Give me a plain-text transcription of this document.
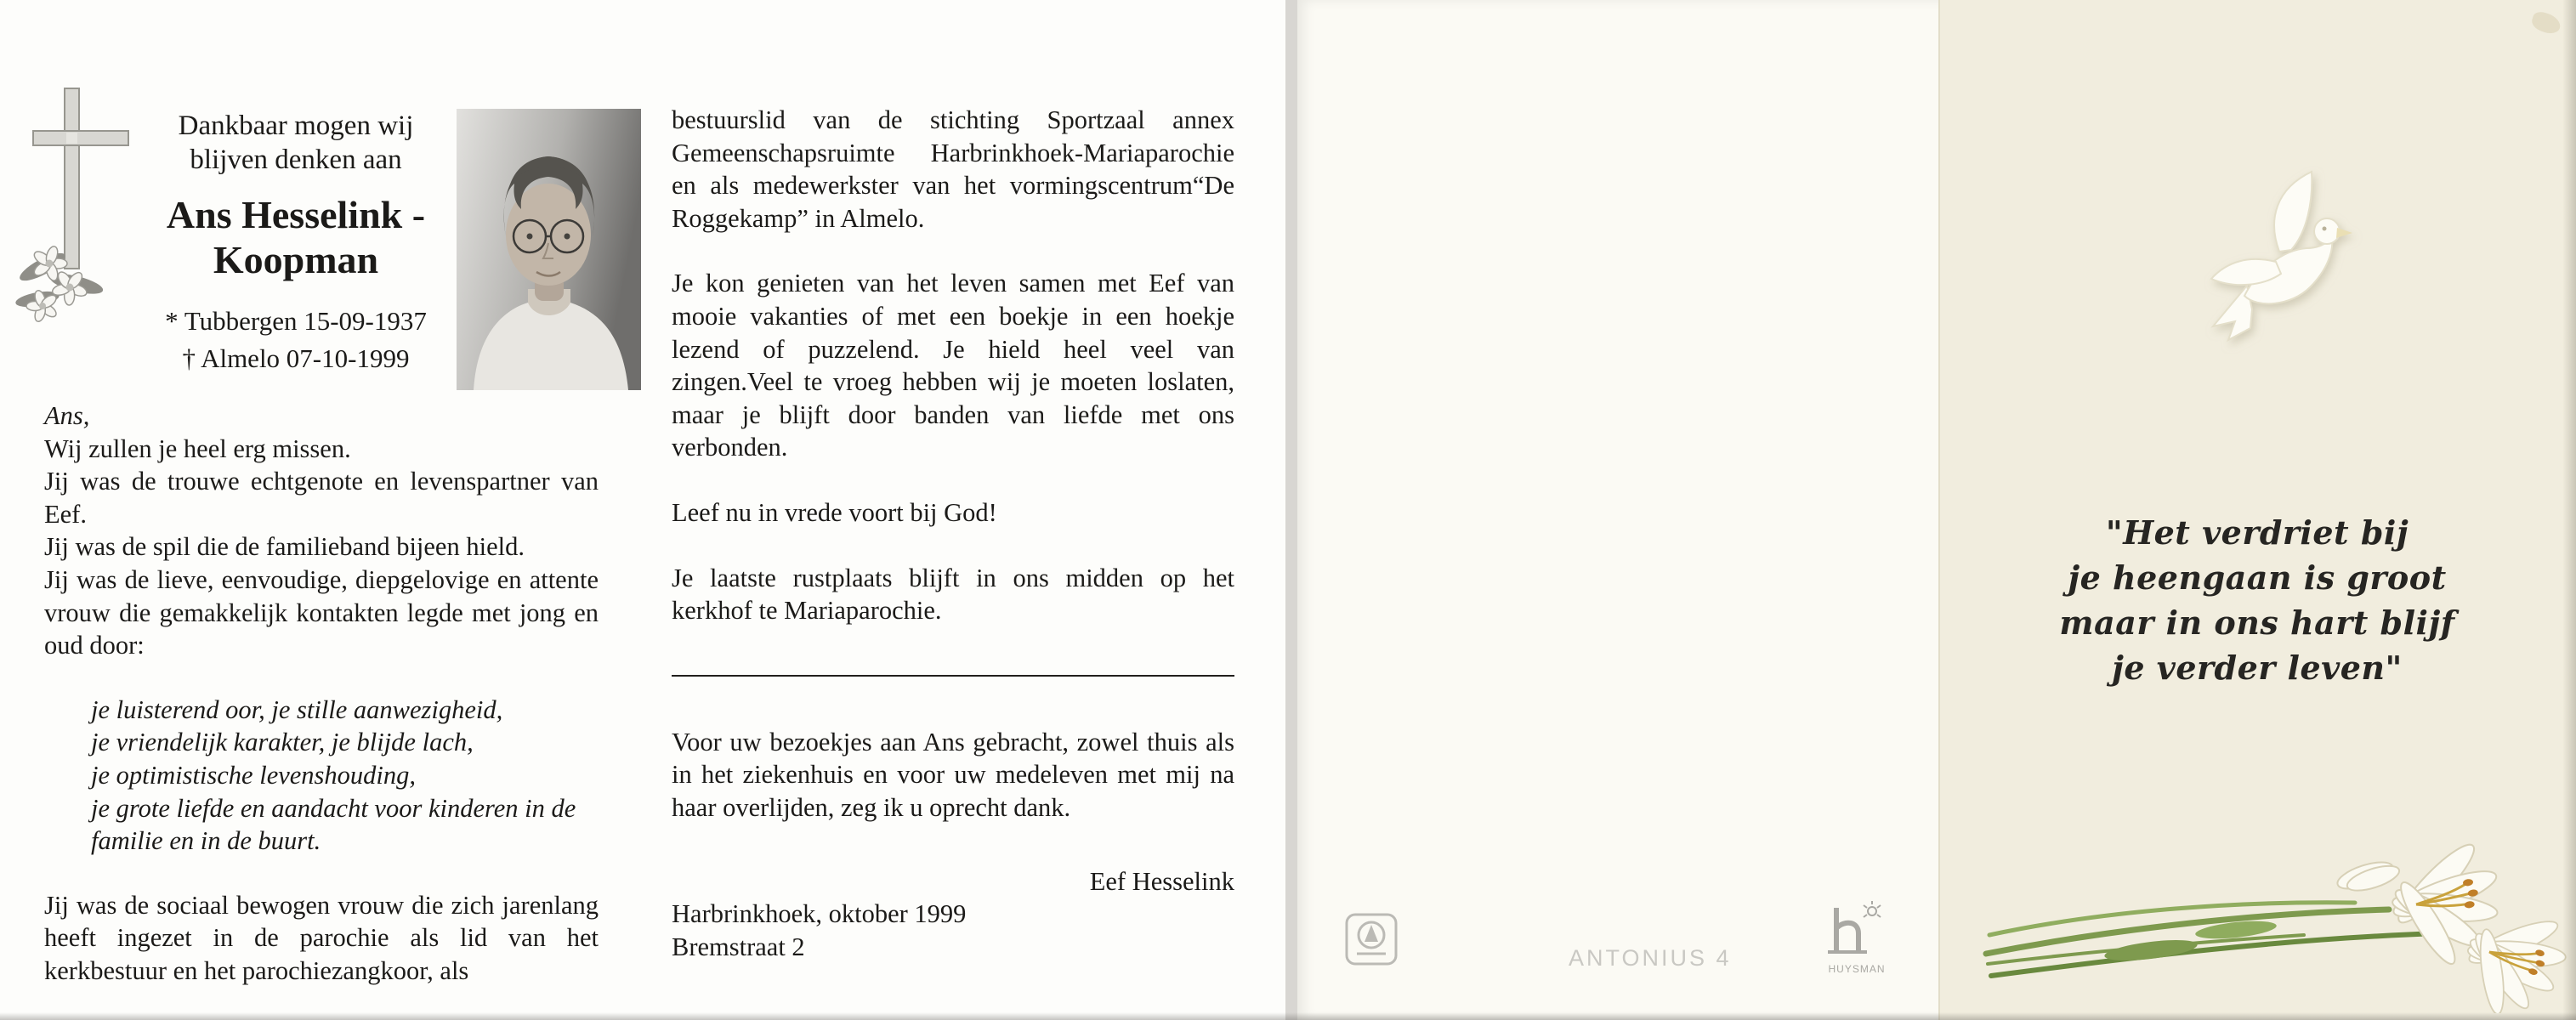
Dankbaar mogen wij
blijven denken aan
Ans Hesselink -
Koopman
* Tubbergen 15-09-1937
† Almelo 07-10-1999

Ans,

Wij zullen je heel erg missen.

Jij was de trouwe echtgenote en levenspartner van Eef.

Jij was de spil die de familieband bijeen hield.

Jij was de lieve, eenvoudige, diepgelovige en attente vrouw die gemakkelijk kontakten legde met jong en oud door:

je luisterend oor, je stille aanwezigheid,
je vriendelijk karakter, je blijde lach,
je optimistische levenshouding,
je grote liefde en aandacht voor kinderen in de familie en in de buurt.

Jij was de sociaal bewogen vrouw die zich jarenlang heeft ingezet in de parochie als lid van het kerkbestuur en het parochiezangkoor, als

bestuurslid van de stichting Sportzaal annex Gemeenschapsruimte Harbrinkhoek-Mariaparochie en als medewerkster van het vormingscentrum“De Roggekamp” in Almelo.

Je kon genieten van het leven samen met Eef van mooie vakanties of met een boekje in een hoekje lezend of puzzelend. Je hield heel veel van zingen.Veel te vroeg hebben wij je moeten loslaten, maar je blijft door banden van liefde met ons verbonden.

Leef nu in vrede voort bij God!

Je laatste rustplaats blijft in ons midden op het kerkhof te Mariaparochie.

Voor uw bezoekjes aan Ans gebracht, zowel thuis als in het ziekenhuis en voor uw medeleven met mij na haar overlijden, zeg ik u oprecht dank.

Eef Hesselink

Harbrinkhoek, oktober 1999

Bremstraat 2	ANTONIUS 4	HUYSMAN
"Het verdriet bij
je heengaan is groot
maar in ons hart blijf
je verder leven"
